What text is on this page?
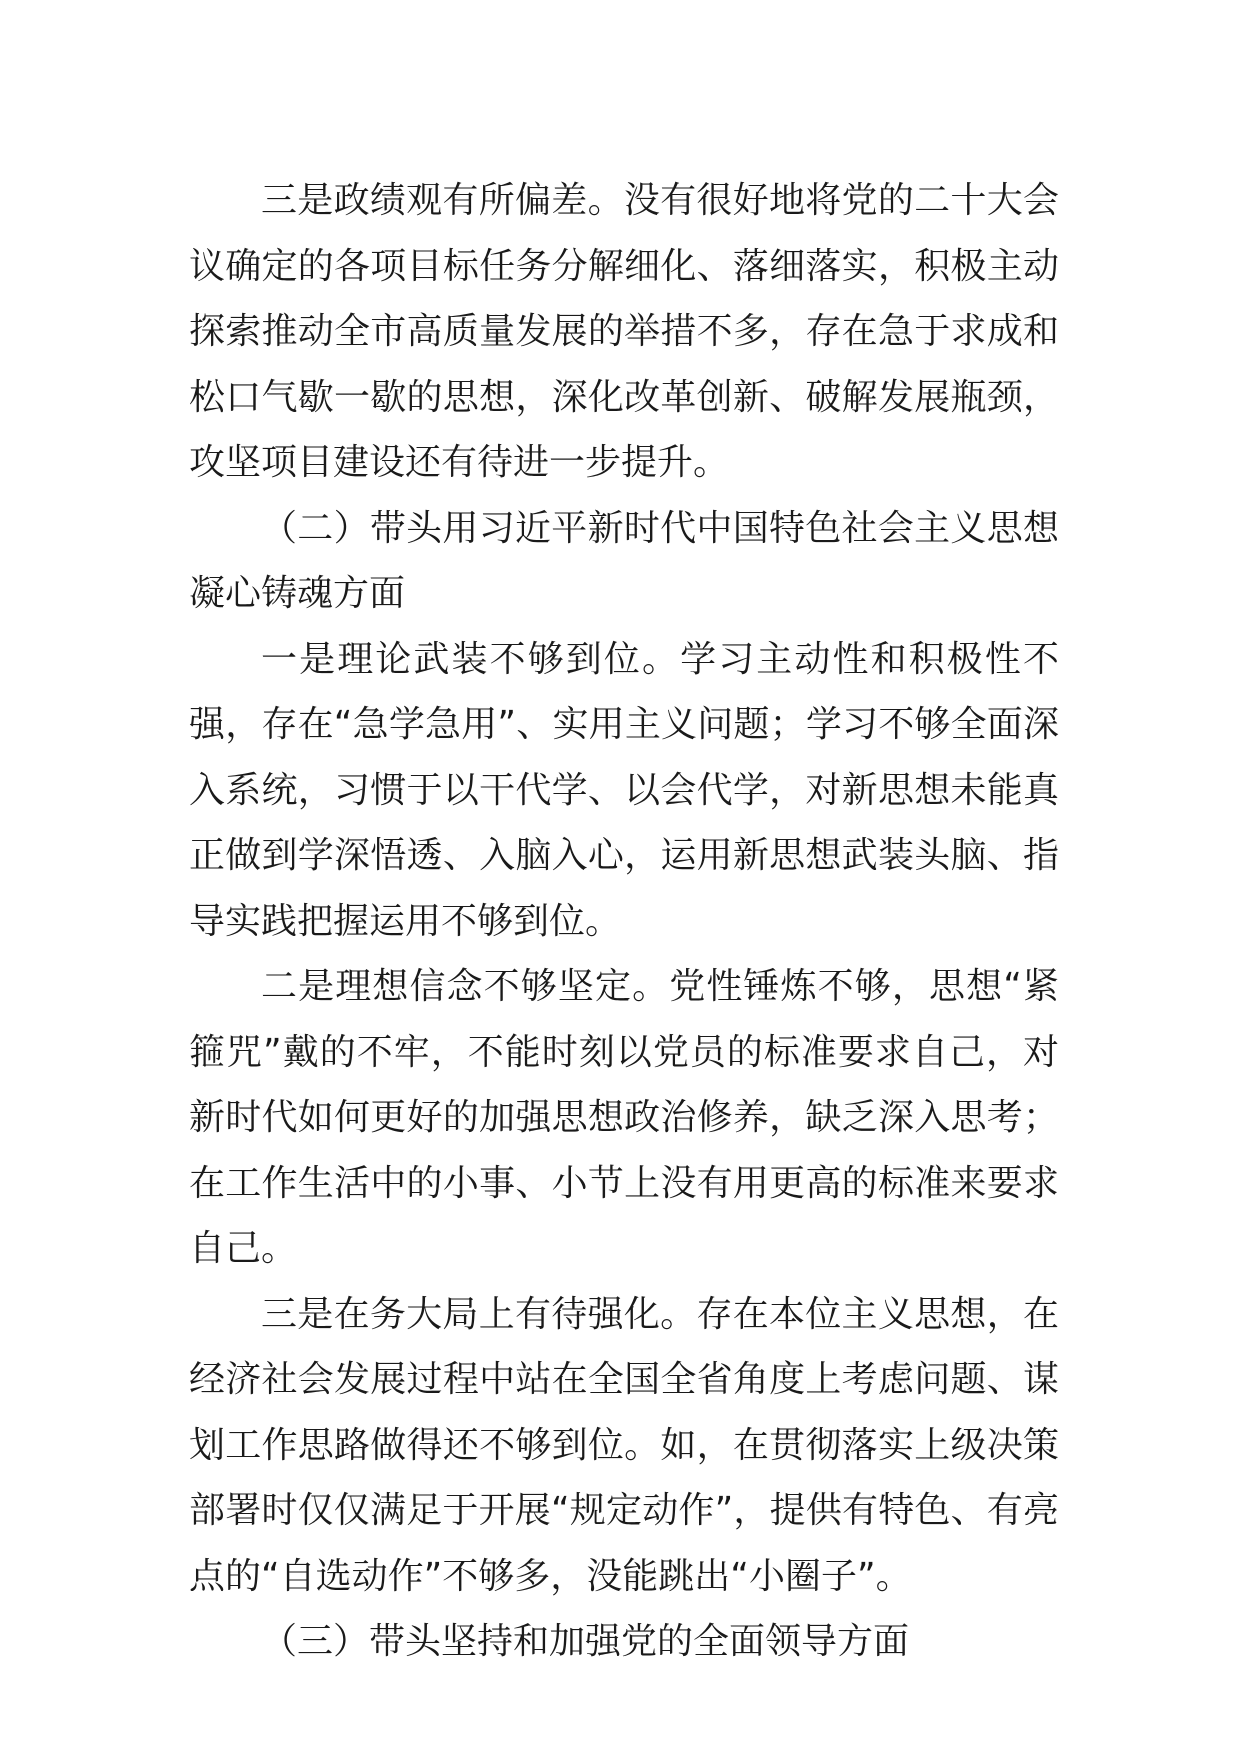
三是政绩观有所偏差。没有很好地将党的二十大会议确定的各项目标任务分解细化、落细落实，积极主动探索推动全市高质量发展的举措不多，存在急于求成和松口气歇一歇的思想，深化改革创新、破解发展瓶颈，攻坚项目建设还有待进一步提升。

（二）带头用习近平新时代中国特色社会主义思想凝心铸魂方面

一是理论武装不够到位。学习主动性和积极性不强，存在“急学急用”、实用主义问题；学习不够全面深入系统，习惯于以干代学、以会代学，对新思想未能真正做到学深悟透、入脑入心，运用新思想武装头脑、指导实践把握运用不够到位。

二是理想信念不够坚定。党性锤炼不够，思想“紧箍咒”戴的不牢，不能时刻以党员的标准要求自己，对新时代如何更好的加强思想政治修养，缺乏深入思考；在工作生活中的小事、小节上没有用更高的标准来要求自己。

三是在务大局上有待强化。存在本位主义思想，在经济社会发展过程中站在全国全省角度上考虑问题、谋划工作思路做得还不够到位。如，在贯彻落实上级决策部署时仅仅满足于开展“规定动作”，提供有特色、有亮点的“自选动作”不够多，没能跳出“小圈子”。

（三）带头坚持和加强党的全面领导方面
